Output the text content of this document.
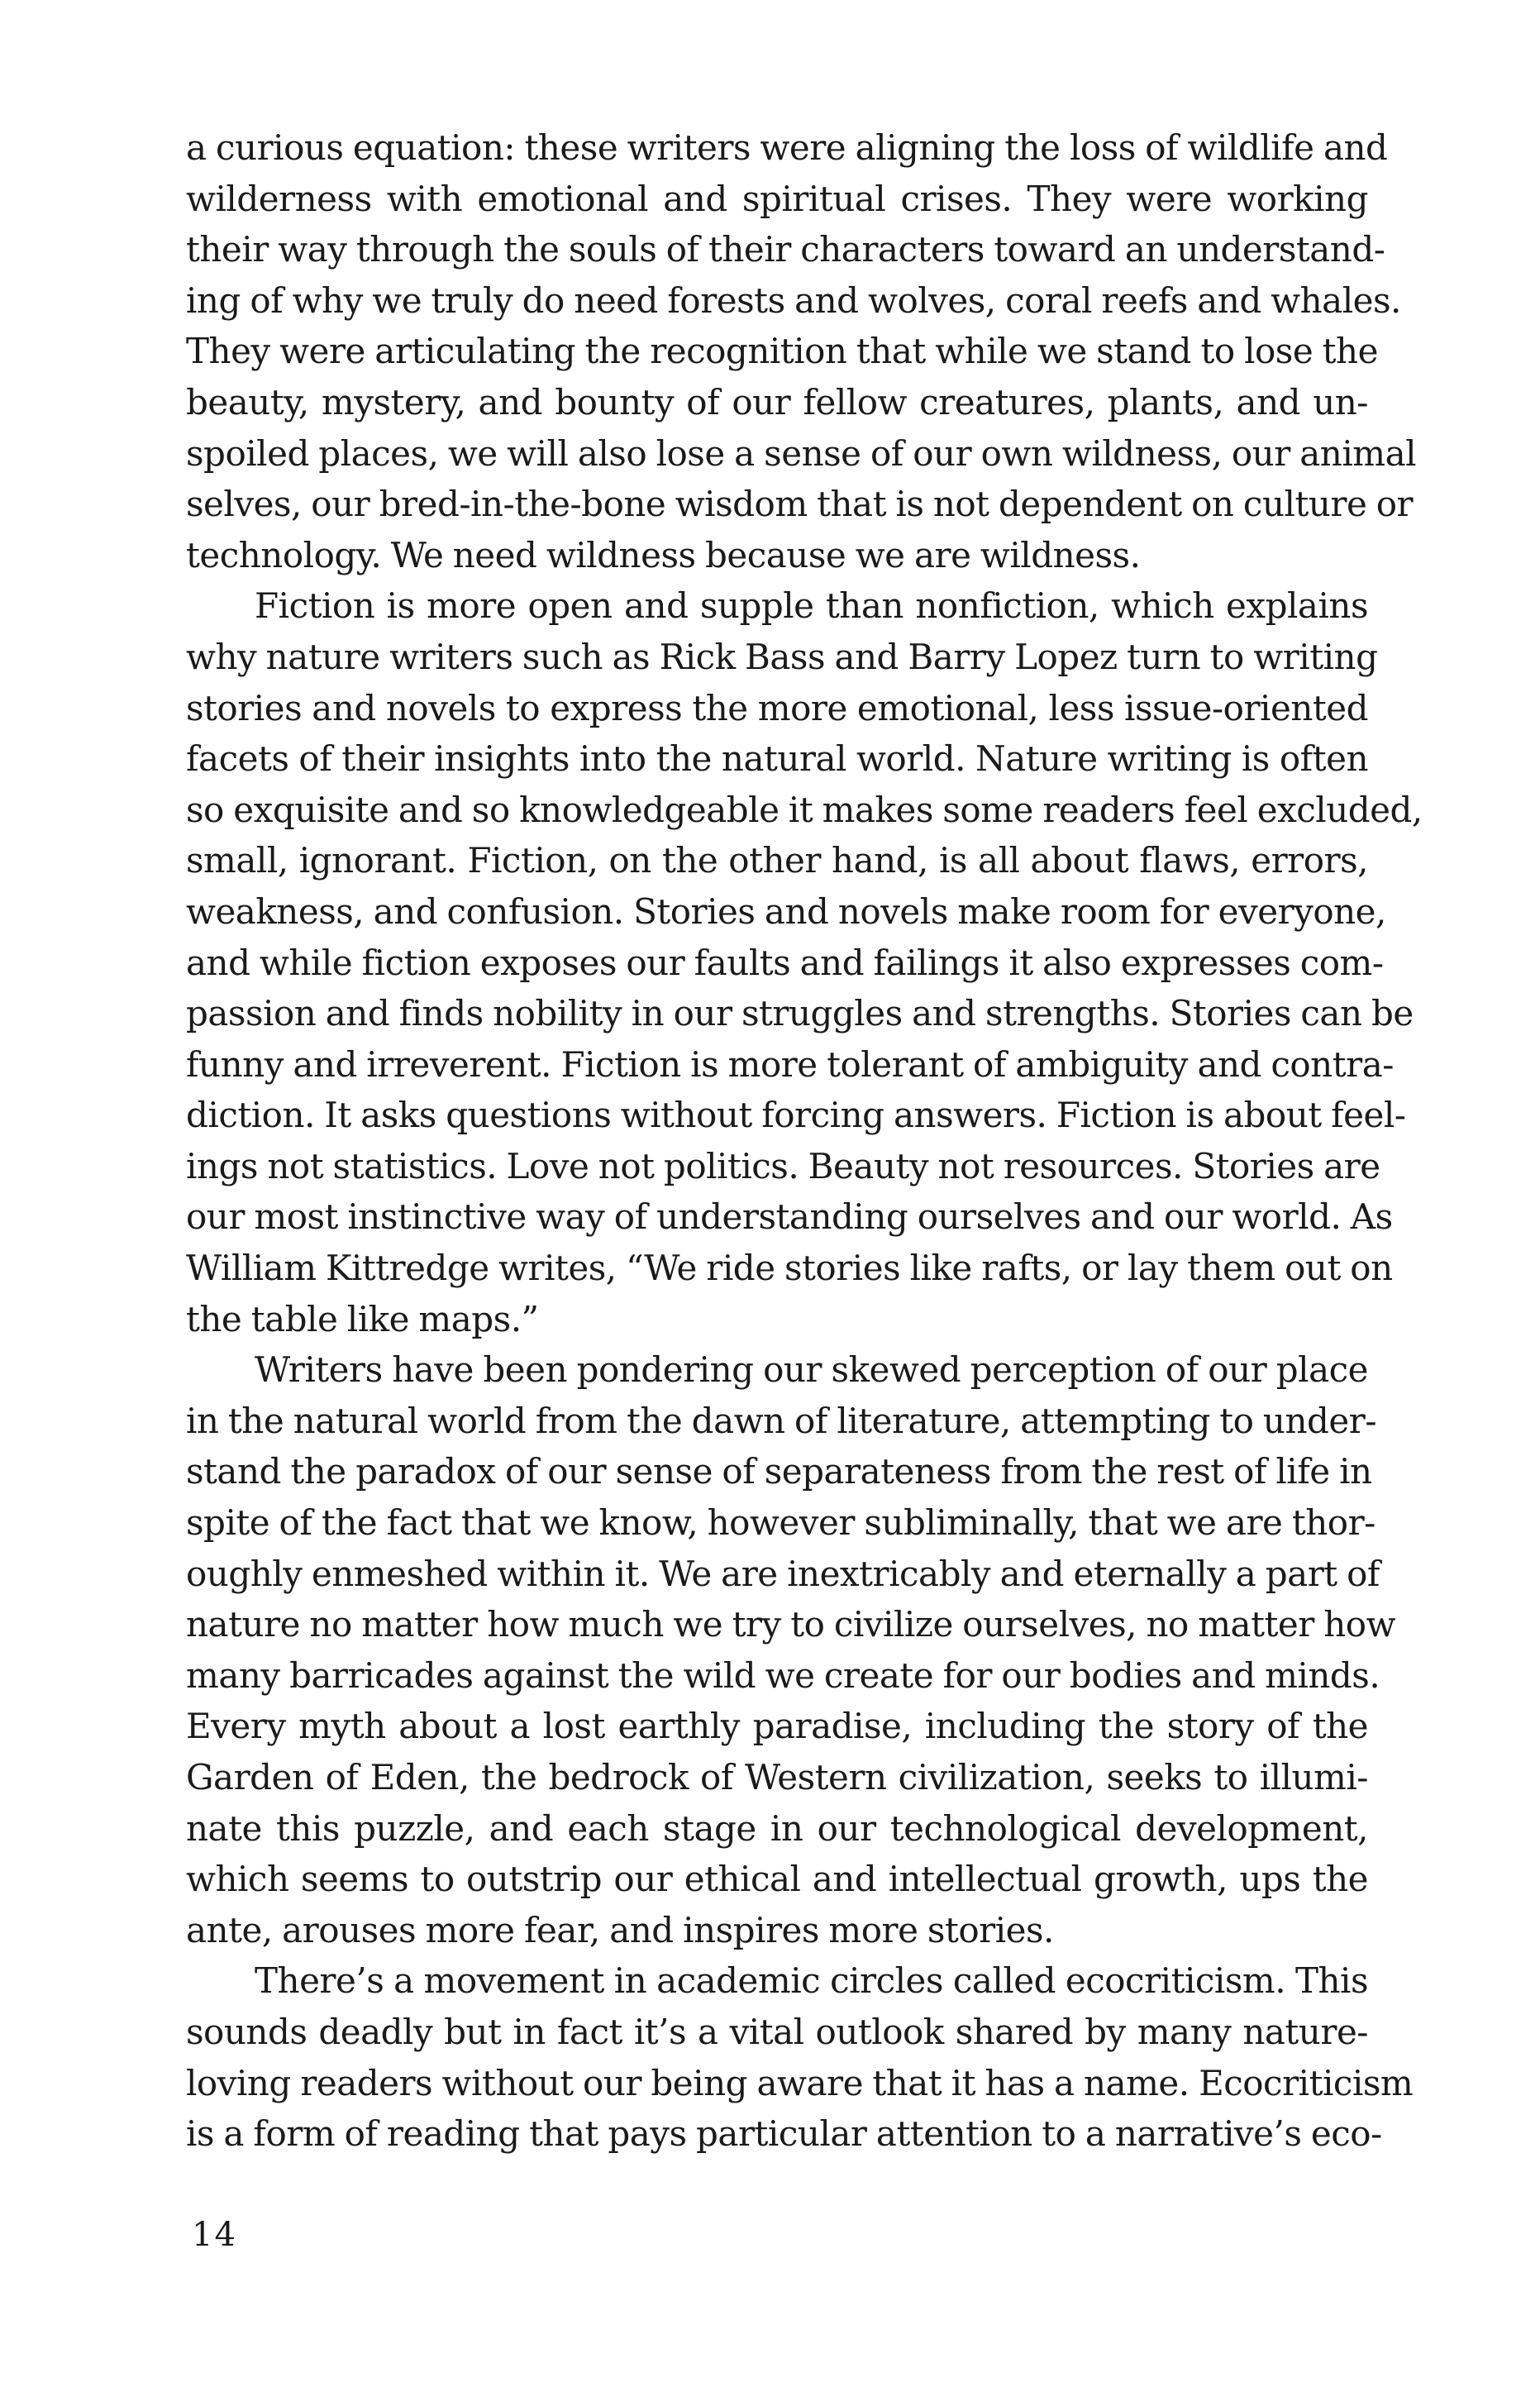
a curious equation: these writers were aligning the loss of wildlife and
wilderness with emotional and spiritual crises. They were working
their way through the souls of their characters toward an understand-
ing of why we truly do need forests and wolves, coral reefs and whales.
They were articulating the recognition that while we stand to lose the
beauty, mystery, and bounty of our fellow creatures, plants, and un-
spoiled places, we will also lose a sense of our own wildness, our animal
selves, our bred-in-the-bone wisdom that is not dependent on culture or
technology. We need wildness because we are wildness.

Fiction is more open and supple than nonfiction, which explains
why nature writers such as Rick Bass and Barry Lopez turn to writing
stories and novels to express the more emotional, less issue-oriented
facets of their insights into the natural world. Nature writing is often
so exquisite and so knowledgeable it makes some readers feel excluded,
small, ignorant. Fiction, on the other hand, is all about flaws, errors,
weakness, and confusion. Stories and novels make room for everyone,
and while fiction exposes our faults and failings it also expresses com-
passion and finds nobility in our struggles and strengths. Stories can be
funny and irreverent. Fiction is more tolerant of ambiguity and contra-
diction. It asks questions without forcing answers. Fiction is about feel-
ings not statistics. Love not politics. Beauty not resources. Stories are
our most instinctive way of understanding ourselves and our world. As
William Kittredge writes, “We ride stories like rafts, or lay them out on
the table like maps.”

Writers have been pondering our skewed perception of our place
in the natural world from the dawn of literature, attempting to under-
stand the paradox of our sense of separateness from the rest of life in
spite of the fact that we know, however subliminally, that we are thor-
oughly enmeshed within it. We are inextricably and eternally a part of
nature no matter how much we try to civilize ourselves, no matter how
many barricades against the wild we create for our bodies and minds.
Every myth about a lost earthly paradise, including the story of the
Garden of Eden, the bedrock of Western civilization, seeks to illumi-
nate this puzzle, and each stage in our technological development,
which seems to outstrip our ethical and intellectual growth, ups the
ante, arouses more fear, and inspires more stories.

There’s a movement in academic circles called ecocriticism. This
sounds deadly but in fact it’s a vital outlook shared by many nature-
loving readers without our being aware that it has a name. Ecocriticism
is a form of reading that pays particular attention to a narrative’s eco-

14
